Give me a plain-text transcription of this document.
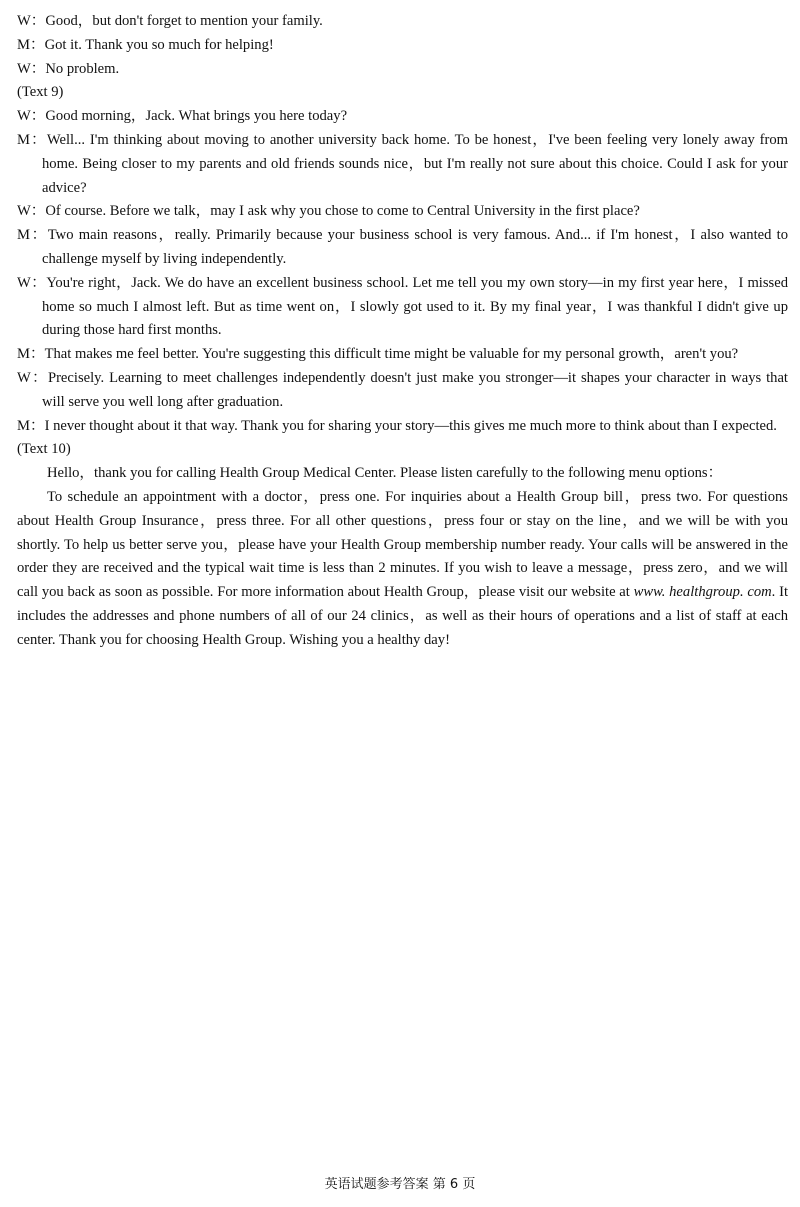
W：Good，but don't forget to mention your family.

M：Got it. Thank you so much for helping!

W：No problem.

(Text 9)

W：Good morning，Jack. What brings you here today?

M：Well... I'm thinking about moving to another university back home. To be honest，I've been feeling very lonely away from home. Being closer to my parents and old friends sounds nice，but I'm really not sure about this choice. Could I ask for your advice?

W：Of course. Before we talk，may I ask why you chose to come to Central University in the first place?

M：Two main reasons，really. Primarily because your business school is very famous. And... if I'm honest，I also wanted to challenge myself by living independently.

W：You're right，Jack. We do have an excellent business school. Let me tell you my own story—in my first year here，I missed home so much I almost left. But as time went on，I slowly got used to it. By my final year，I was thankful I didn't give up during those hard first months.

M：That makes me feel better. You're suggesting this difficult time might be valuable for my personal growth，aren't you?

W：Precisely. Learning to meet challenges independently doesn't just make you stronger—it shapes your character in ways that will serve you well long after graduation.

M：I never thought about it that way. Thank you for sharing your story—this gives me much more to think about than I expected.

(Text 10)

Hello，thank you for calling Health Group Medical Center. Please listen carefully to the following menu options：

To schedule an appointment with a doctor，press one. For inquiries about a Health Group bill，press two. For questions about Health Group Insurance，press three. For all other questions，press four or stay on the line，and we will be with you shortly. To help us better serve you，please have your Health Group membership number ready. Your calls will be answered in the order they are received and the typical wait time is less than 2 minutes. If you wish to leave a message，press zero，and we will call you back as soon as possible. For more information about Health Group，please visit our website at www. healthgroup. com. It includes the addresses and phone numbers of all of our 24 clinics，as well as their hours of operations and a list of staff at each center. Thank you for choosing Health Group. Wishing you a healthy day!

英语试题参考答案 第 6 页
